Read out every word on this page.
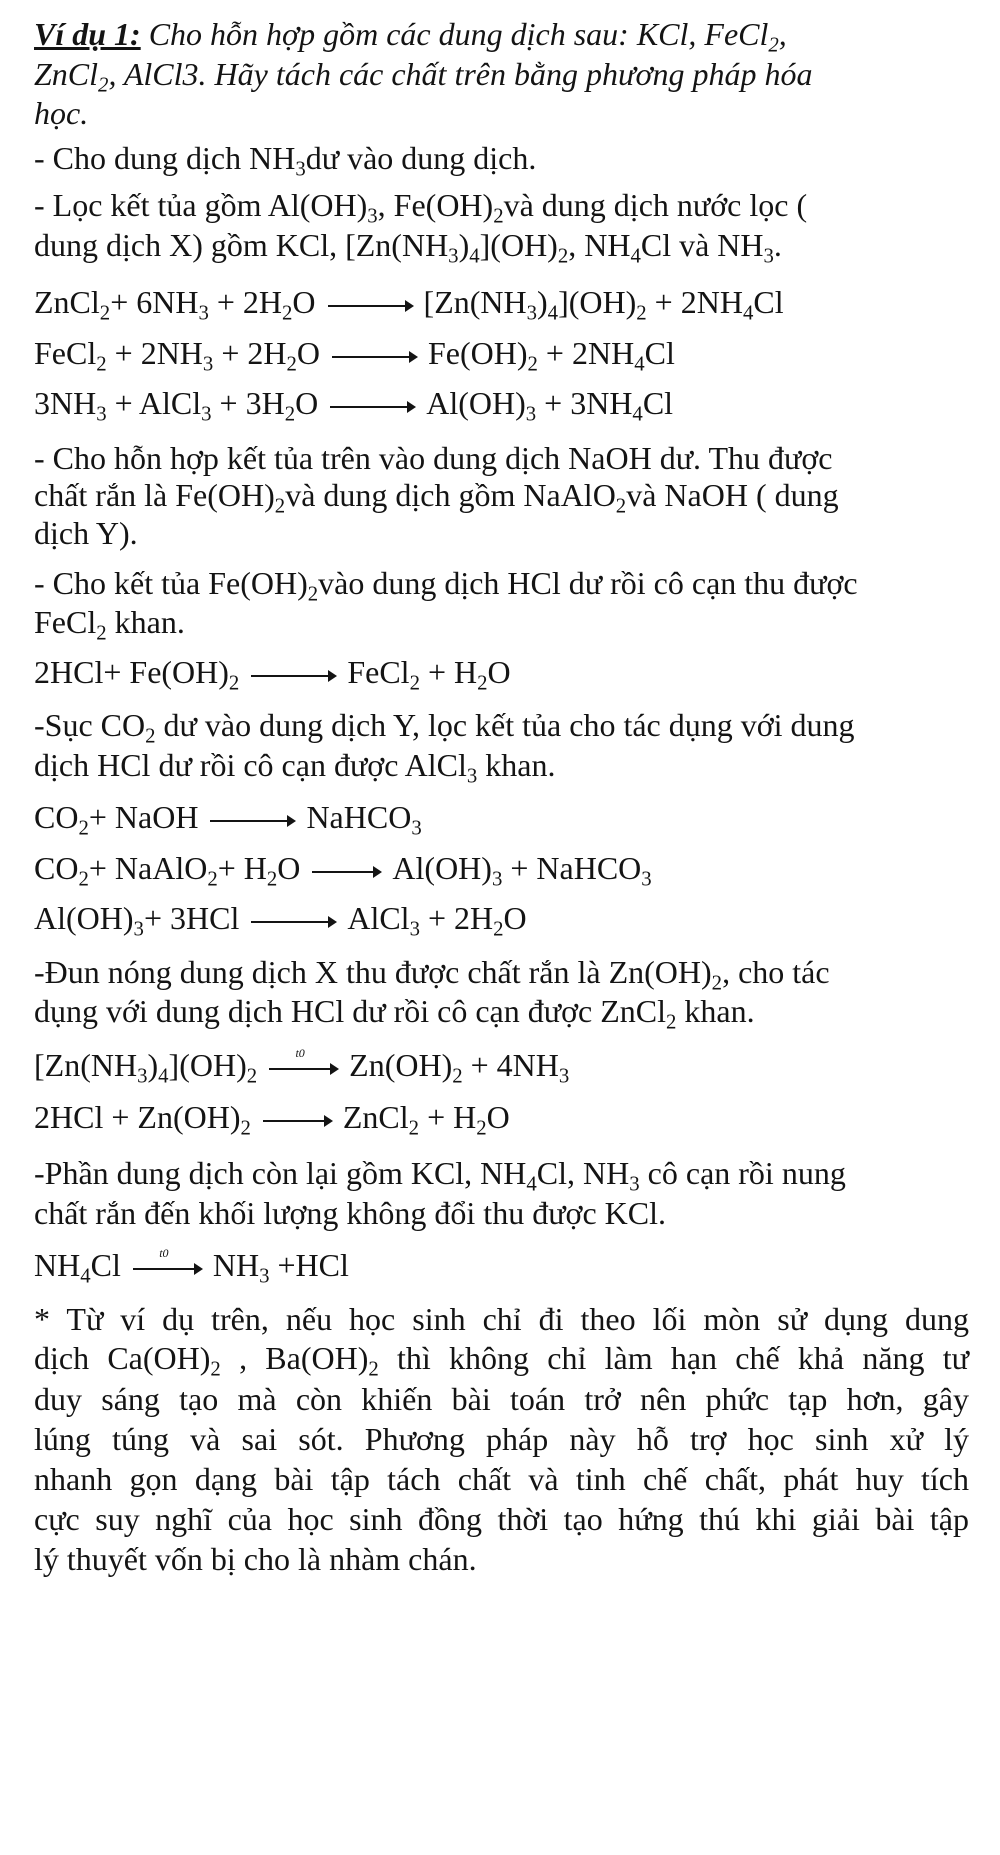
Ví dụ 1: Cho hỗn hợp gồm các dung dịch sau: KCl, FeCl$_2$,
ZnCl$_2$, AlCl3. Hãy tách các chất trên bằng phương pháp hóa
học.
- Cho dung dịch $NH_3dư$ vào dung dịch.
- Lọc kết tủa gồm $Al(OH)_3$, $Fe(OH)_2và$ dung dịch nước lọc (
dung dịch X) gồm KCl, $[Zn(NH_3)_4](OH)_2$, $NH_4Cl$ và $NH_3$.
ZnCl$_2$+ $6NH_3 + 2H_2O$	$[Zn(NH_3)_4](OH)_2 + 2NH_4Cl$
FeCl$_2$ + $2NH_3 + 2H_2O$	$Fe(OH)_2 + 2NH_4Cl$
$3NH_3$ + AlCl$_3$ + $3H_2O$	$Al(OH)_3 + 3NH_4Cl$
- Cho hỗn hợp kết tủa trên vào dung dịch NaOH dư. Thu được
chất rắn là $Fe(OH)_2và$ dung dịch gồm NaAlO$_2$và NaOH ( dung
dịch Y).
- Cho kết tủa $Fe(OH)_2vào$ dung dịch HCl dư rồi cô cạn thu được
FeCl$_2$ khan.
$2HCl+ Fe(OH)_2$	FeCl$_2$ + $H_2O$
-Sục $CO_2$ dư vào dung dịch Y, lọc kết tủa cho tác dụng với dung
dịch HCl dư rồi cô cạn được AlCl$_3$ khan.
$CO_2+$ NaOH	NaHCO$_3$
$CO_2+$ NaAlO$_2$+ $H_2O$	$Al(OH)_3$ + NaHCO$_3$
$Al(OH)_3+ 3HCl$	AlCl$_3$ + $2H_2O$
-Đun nóng dung dịch X thu được chất rắn là $Zn(OH)_2$, cho tác
dụng với dung dịch HCl dư rồi cô cạn được ZnCl$_2$ khan.
$[Zn(NH_3)_4](OH)_2$
t0	$Zn(OH)_2 + 4NH_3$
$2HCl + Zn(OH)_2$	ZnCl$_2$ + $H_2O$
-Phần dung dịch còn lại gồm KCl, $NH_4Cl$, $NH_3$ cô cạn rồi nung
chất rắn đến khối lượng không đổi thu được KCl.
$NH_4Cl$	t0	$NH_3 +HCl$
* Từ ví dụ trên, nếu học sinh chỉ đi theo lối mòn sử dụng dung
dịch $Ca(OH)_2$ , $Ba(OH)_2$ thì không chỉ làm hạn chế khả năng tư
duy sáng tạo mà còn khiến bài toán trở nên phức tạp hơn, gây
lúng túng và sai sót. Phương pháp này hỗ trợ học sinh xử lý
nhanh gọn dạng bài tập tách chất và tinh chế chất, phát huy tích
cực suy nghĩ của học sinh đồng thời tạo hứng thú khi giải bài tập
lý thuyết vốn bị cho là nhàm chán.
